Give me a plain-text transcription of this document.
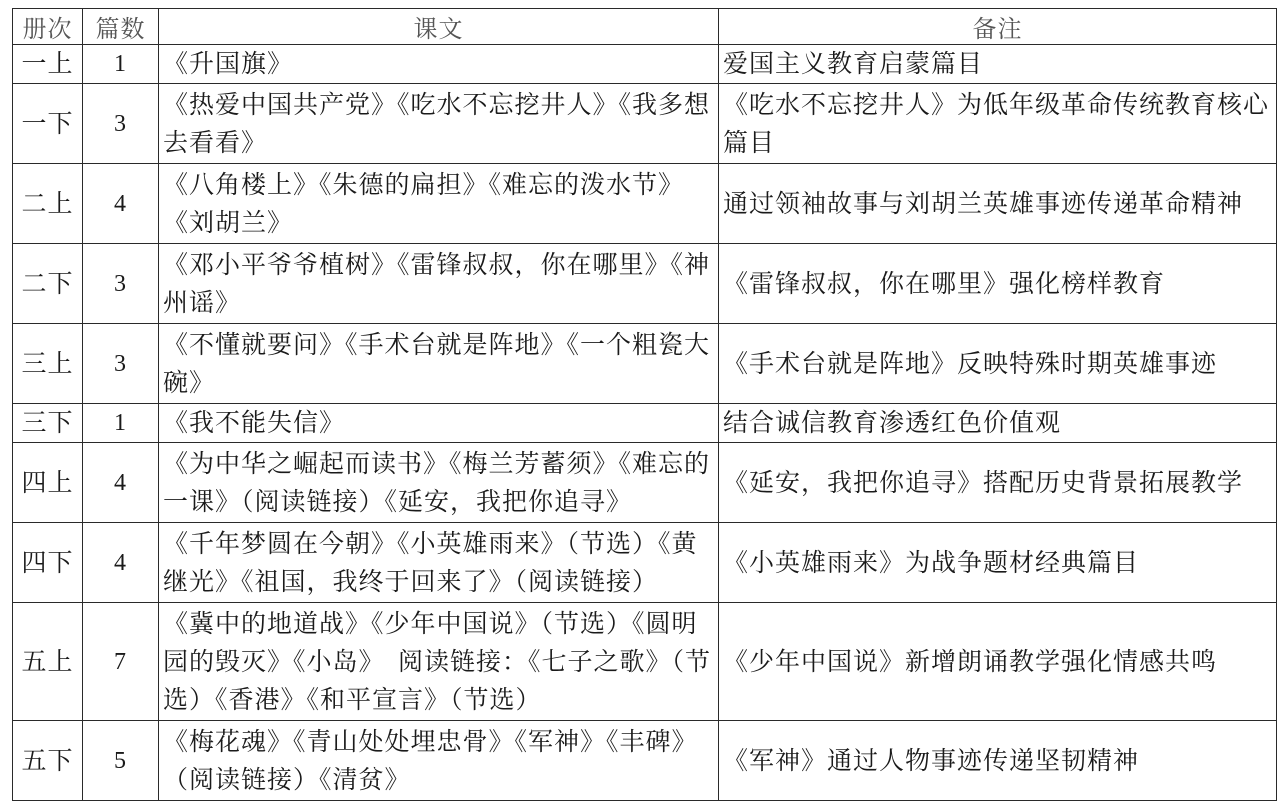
册次	篇数	课文	备注
一上	1	《升国旗》	爱国主义教育启蒙篇目
一下	3	《热爱中国共产党》《吃水不忘挖井人》《我多想去看看》	《吃水不忘挖井人》为低年级革命传统教育核心篇目
二上	4	《八角楼上》《朱德的扁担》《难忘的泼水节》《刘胡兰》	通过领袖故事与刘胡兰英雄事迹传递革命精神
二下	3	《邓小平爷爷植树》《雷锋叔叔，你在哪里》《神州谣》	《雷锋叔叔，你在哪里》强化榜样教育
三上	3	《不懂就要问》《手术台就是阵地》《一个粗瓷大碗》	《手术台就是阵地》反映特殊时期英雄事迹
三下	1	《我不能失信》	结合诚信教育渗透红色价值观
四上	4	《为中华之崛起而读书》《梅兰芳蓄须》《难忘的一课》（阅读链接）《延安，我把你追寻》	《延安，我把你追寻》搭配历史背景拓展教学
四下	4	《千年梦圆在今朝》《小英雄雨来》（节选）《黄继光》《祖国，我终于回来了》（阅读链接）	《小英雄雨来》为战争题材经典篇目
五上	7	《冀中的地道战》《少年中国说》（节选）《圆明园的毁灭》《小岛》　阅读链接：《七子之歌》（节选）《香港》《和平宣言》（节选）	《少年中国说》新增朗诵教学强化情感共鸣
五下	5	《梅花魂》《青山处处埋忠骨》《军神》《丰碑》（阅读链接）《清贫》	《军神》通过人物事迹传递坚韧精神
